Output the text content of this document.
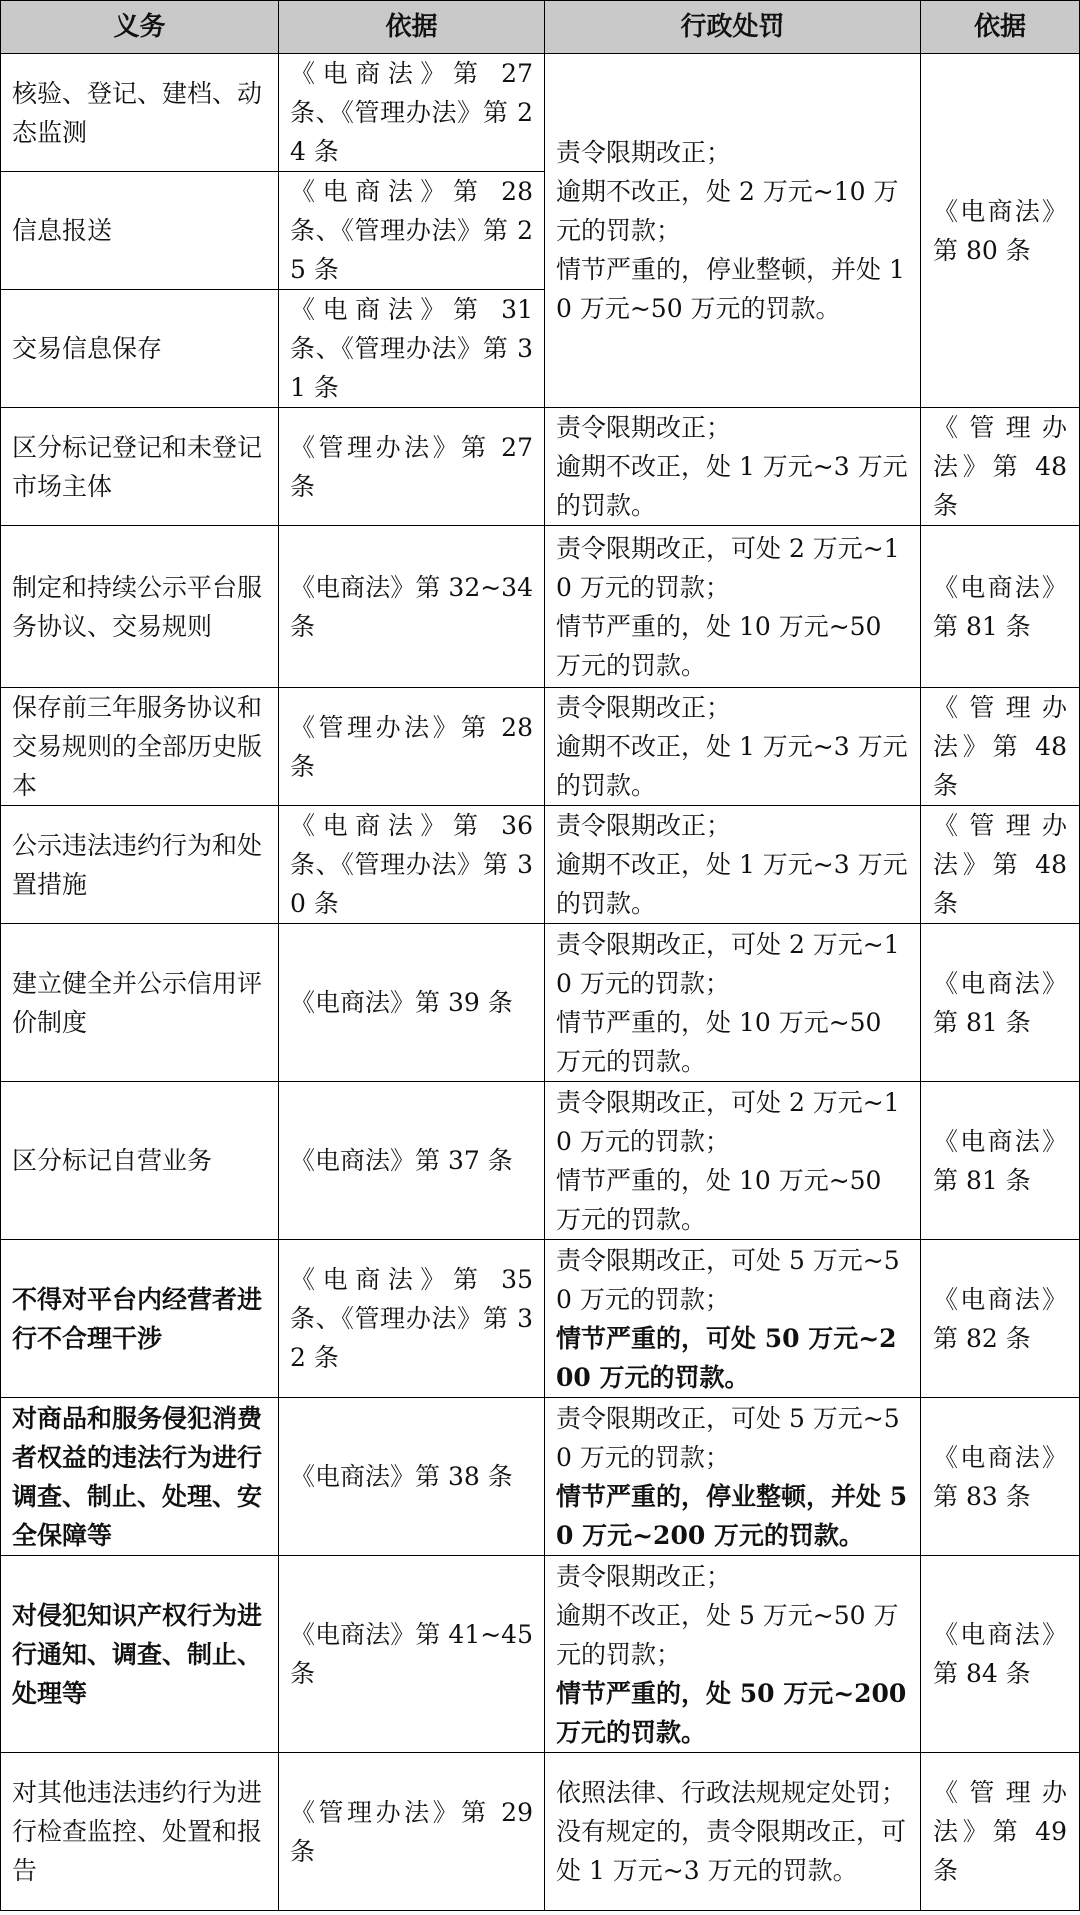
义务	依据	行政处罚	依据
核验、登记、建档、动态监测	《电商法》第 27 条、《管理办法》第 24 条	责令限期改正；
逾期不改正，处 2 万元~10 万元的罚款；
情节严重的，停业整顿，并处 10 万元~50 万元的罚款。	《电商法》第 80 条
信息报送	《电商法》第 28 条、《管理办法》第 25 条		
交易信息保存	《电商法》第 31 条、《管理办法》第 31 条		
区分标记登记和未登记市场主体	《管理办法》第 27 条	责令限期改正；
逾期不改正，处 1 万元~3 万元的罚款。	《管理办法》第 48 条
制定和持续公示平台服务协议、交易规则	《电商法》第 32~34 条	责令限期改正，可处 2 万元~10 万元的罚款；
情节严重的，处 10 万元~50 万元的罚款。	《电商法》第 81 条
保存前三年服务协议和交易规则的全部历史版本	《管理办法》第 28 条	责令限期改正；
逾期不改正，处 1 万元~3 万元的罚款。	《管理办法》第 48 条
公示违法违约行为和处置措施	《电商法》第 36 条、《管理办法》第 30 条	责令限期改正；
逾期不改正，处 1 万元~3 万元的罚款。	《管理办法》第 48 条
建立健全并公示信用评价制度	《电商法》第 39 条	责令限期改正，可处 2 万元~10 万元的罚款；
情节严重的，处 10 万元~50 万元的罚款。	《电商法》第 81 条
区分标记自营业务	《电商法》第 37 条	责令限期改正，可处 2 万元~10 万元的罚款；
情节严重的，处 10 万元~50 万元的罚款。	《电商法》第 81 条
不得对平台内经营者进行不合理干涉	《电商法》第 35 条、《管理办法》第 32 条	责令限期改正，可处 5 万元~50 万元的罚款；
情节严重的，可处 50 万元~200 万元的罚款。	《电商法》第 82 条
对商品和服务侵犯消费者权益的违法行为进行调查、制止、处理、安全保障等	《电商法》第 38 条	责令限期改正，可处 5 万元~50 万元的罚款；
情节严重的，停业整顿，并处 50 万元~200 万元的罚款。	《电商法》第 83 条
对侵犯知识产权行为进行通知、调查、制止、处理等	《电商法》第 41~45 条	责令限期改正；
逾期不改正，处 5 万元~50 万元的罚款；
情节严重的，处 50 万元~200 万元的罚款。	《电商法》第 84 条
对其他违法违约行为进行检查监控、处置和报告	《管理办法》第 29 条	依照法律、行政法规规定处罚；
没有规定的，责令限期改正，可处 1 万元~3 万元的罚款。	《管理办法》第 49 条
